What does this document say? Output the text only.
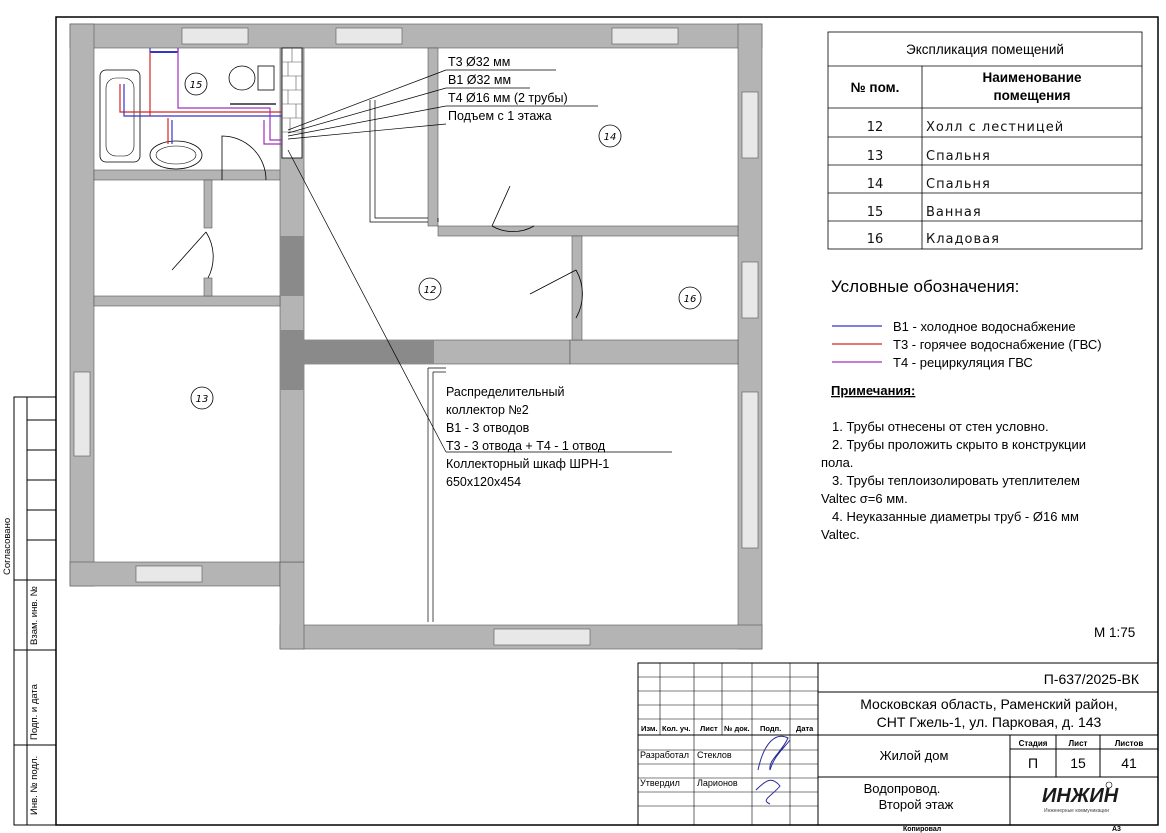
15
14
12
16
13
Т3 Ø32 мм
В1 Ø32 мм
Т4 Ø16 мм (2 трубы)
Подъем с 1 этажа
Распределительный
коллектор №2
В1 - 3 отводов
Т3 - 3 отвода + Т4 - 1 отвод
Коллекторный шкаф ШРН-1
650х120х454
Экспликация помещений
№ пом.
Наименование
помещения
12	Холл с лестницей
13	Спальня
14	Спальня
15	Ванная
16	Кладовая
Условные обозначения:
В1 - холодное водоснабжение
Т3 - горячее водоснабжение (ГВС)
Т4 - рециркуляция ГВС
Примечания:
1. Трубы отнесены от стен условно.
2. Трубы проложить скрыто в конструкции
пола.
3. Трубы теплоизолировать утеплителем
Valtec σ=6 мм.
4. Неуказанные диаметры труб - Ø16 мм
Valtec.
М 1:75
Согласовано
Взам. инв. №
Подп. и дата
Инв. № подл.
Изм. Кол. уч. Лист № док. Подп. Дата
Разработал Стеклов
Утвердил Ларионов
П-637/2025-ВК
Московская область, Раменский район,
СНТ Гжель-1, ул. Парковая, д. 143
Жилой дом
Стадия	Лист	Листов
П 15	41
Водопровод.
Второй этаж	ИНЖИН
Инженерные коммуникации
Копировал	А3
